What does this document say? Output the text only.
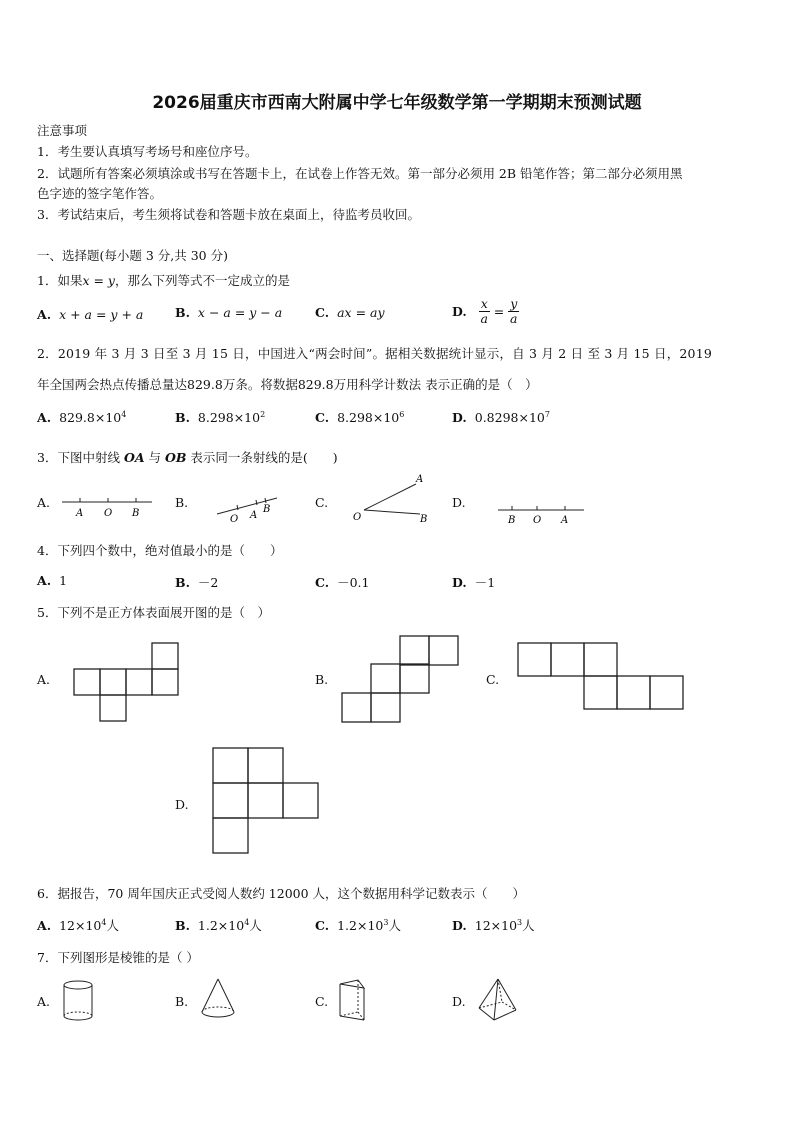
2026届重庆市西南大附属中学七年级数学第一学期期末预测试题
注意事项
1．考生要认真填写考场号和座位序号。
2．试题所有答案必须填涂或书写在答题卡上，在试卷上作答无效。第一部分必须用 2B 铅笔作答；第二部分必须用黑
色字迹的签字笔作答。
3．考试结束后，考生须将试卷和答题卡放在桌面上，待监考员收回。
一、选择题(每小题 3 分,共 30 分)
1．如果x = y，那么下列等式不一定成立的是
A. x + a = y + a	B. x − a = y − a	C. ax = ay	D. $\frac{x}{a} = \frac{y}{a}$
2．2019 年 3 月 3 日至 3 月 15 日，中国进入“两会时间”。据相关数据统计显示，自 3 月 2 日 至 3 月 15 日，2019
年全国两会热点传播总量达829.8万条。将数据829.8万用科学计数法 表示正确的是（　）
A. $829.8\times 10^4$	B. $8.298\times 10^2$	C. $8.298\times 10^6$	D. $0.8298\times 10^7$
3．下图中射线 OA 与 OB 表示同一条射线的是(　　)
A.
A O B
B.
O A
B	C.
A
O	B
D.
B O A
4．下列四个数中，绝对值最小的是（　　）
A. 1	B. －2	C. －0.1	D. －1
5．下列不是正方体表面展开图的是（　）
A.	B.	C.
D.
6．据报告，70 周年国庆正式受阅人数约 12000 人，这个数据用科学记数表示（　　）
A. $12\times 10^4$人	B. $1.2\times 10^4$人	C. $1.2\times 10^3$人	D. $12\times 10^3$人
7．下列图形是棱锥的是（ ）
A.	B.	C.	D.
